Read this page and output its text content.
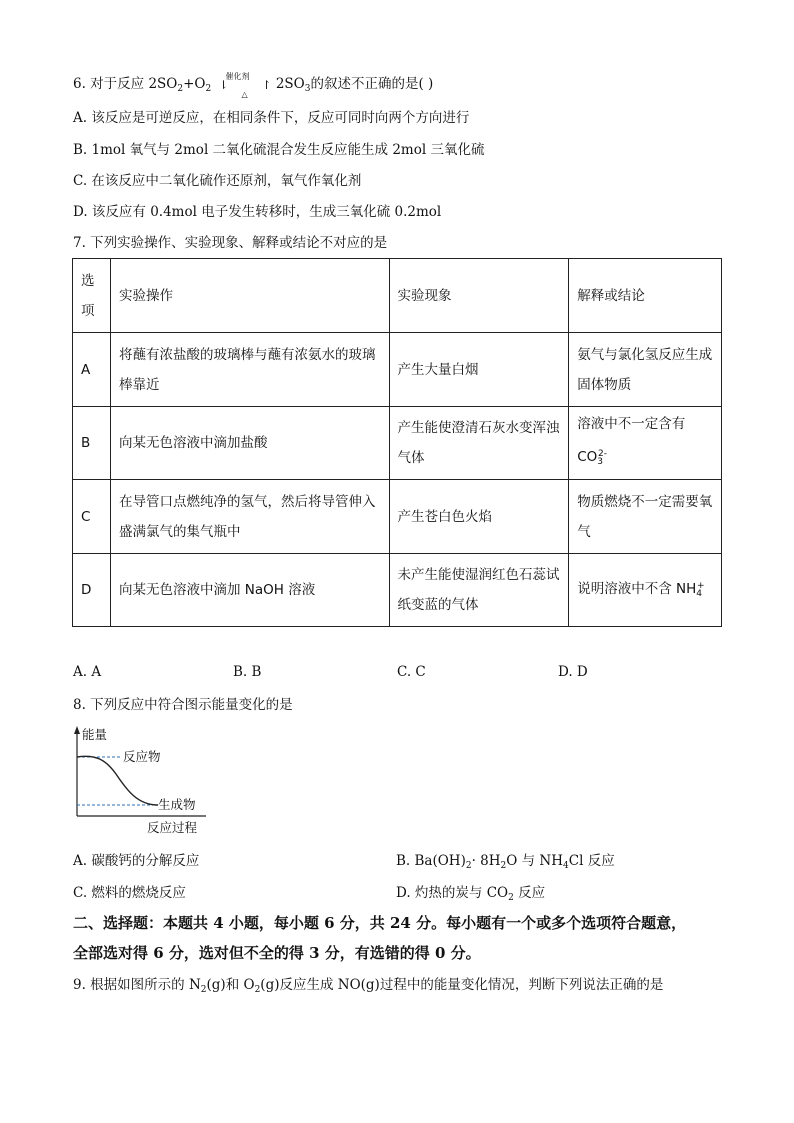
6. 对于反应 $2SO_2+O_2$
催化剂
⇂	↾
△
$2SO_3$的叙述不正确的是( )
A. 该反应是可逆反应，在相同条件下，反应可同时向两个方向进行
B. 1mol 氧气与 2mol 二氧化硫混合发生反应能生成 2mol 三氧化硫
C. 在该反应中二氧化硫作还原剂，氧气作氧化剂
D. 该反应有 0.4mol 电子发生转移时，生成三氧化硫 0.2mol
7. 下列实验操作、实验现象、解释或结论不对应的是
选项	实验操作	实验现象	解释或结论
A	将蘸有浓盐酸的玻璃棒与蘸有浓氨水的玻璃棒靠近	产生大量白烟	氨气与氯化氢反应生成固体物质
B	向某无色溶液中滴加盐酸	产生能使澄清石灰水变浑浊气体	溶液中不一定含有
$CO_3^{2-}$
C	在导管口点燃纯净的氢气，然后将导管伸入盛满氯气的集气瓶中	产生苍白色火焰	物质燃烧不一定需要氧气
D	向某无色溶液中滴加 NaOH 溶液	未产生能使湿润红色石蕊试纸变蓝的气体	说明溶液中不含 $NH_4^+$
A. A	B. B	C. C	D. D
8. 下列反应中符合图示能量变化的是
能量
反应物
生成物
反应过程
A. 碳酸钙的分解反应	B. $Ba(OH)_2\cdot 8H_2O$ 与 $NH_4Cl$ 反应
C. 燃料的燃烧反应	D. 灼热的炭与 $CO_2$ 反应
二、选择题：本题共 4 小题，每小题 6 分，共 24 分。每小题有一个或多个选项符合题意，
全部选对得 6 分，选对但不全的得 3 分，有选错的得 0 分。
9. 根据如图所示的 $N_2(g)$和 $O_2(g)$反应生成 NO(g)过程中的能量变化情况，判断下列说法正确的是
